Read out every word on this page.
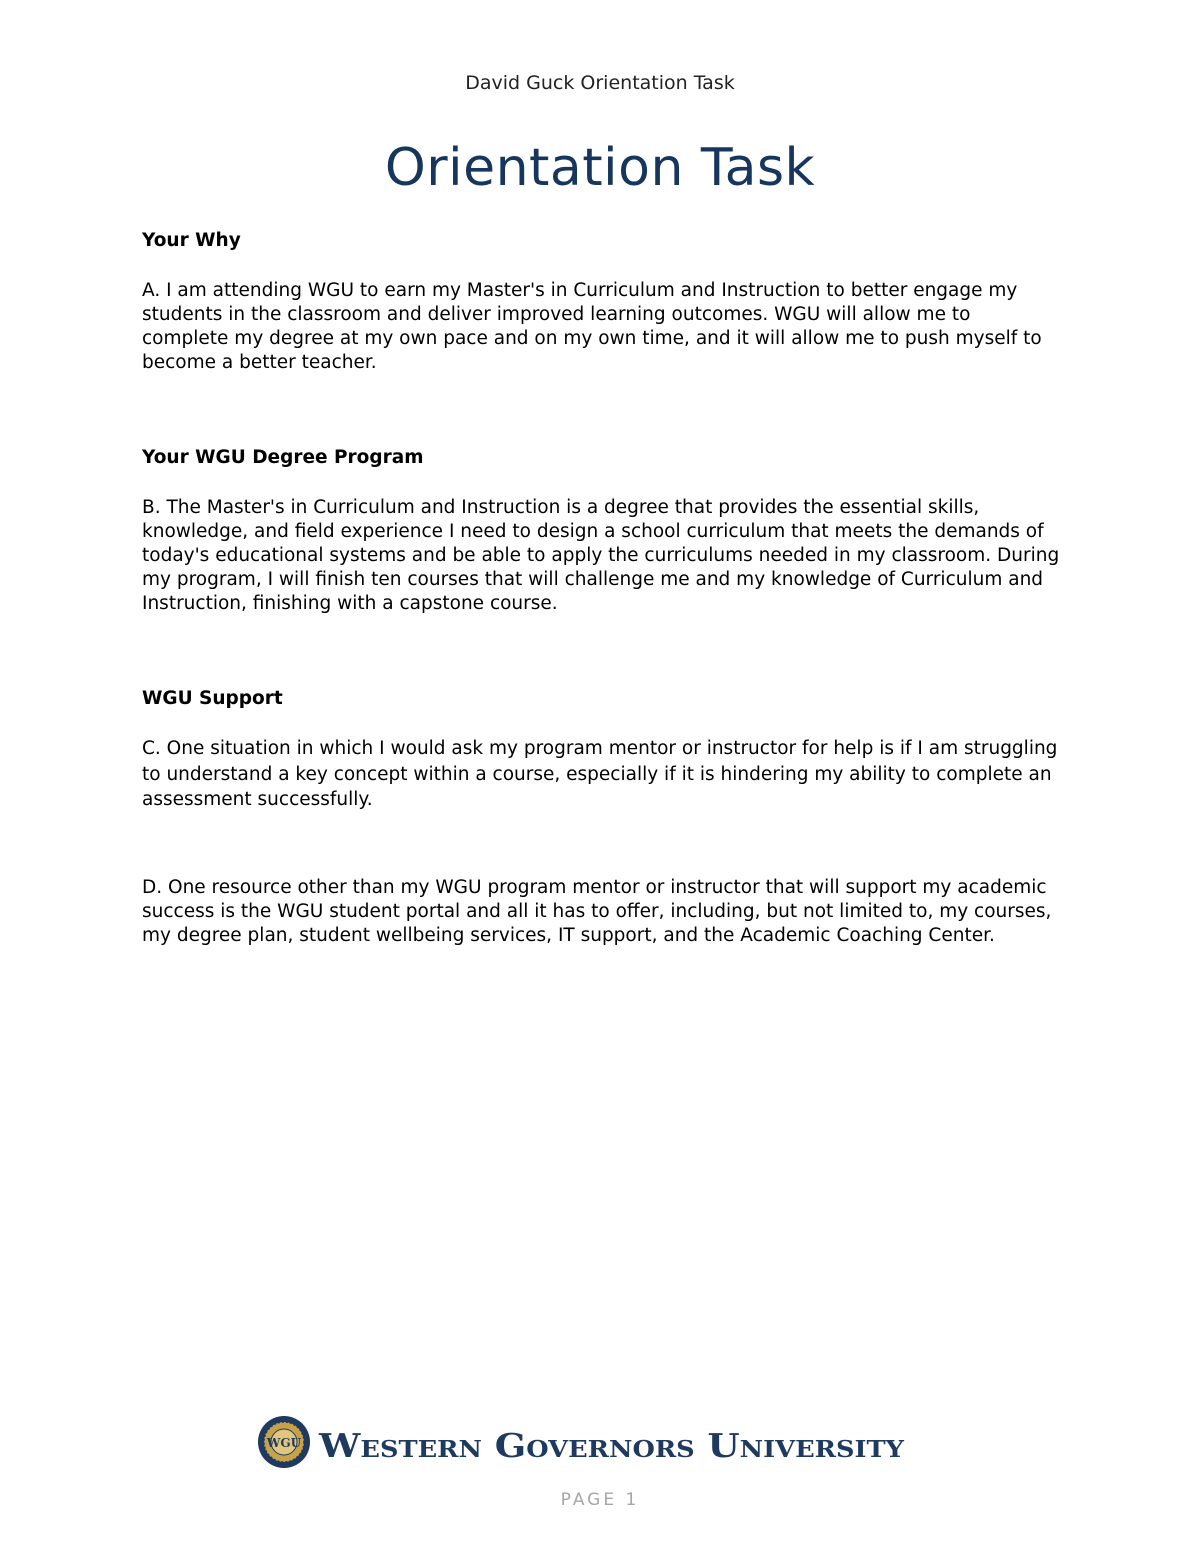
David Guck Orientation Task
Orientation Task

Your Why

A. I am attending WGU to earn my Master's in Curriculum and Instruction to better engage my students in the classroom and deliver improved learning outcomes. WGU will allow me to complete my degree at my own pace and on my own time, and it will allow me to push myself to become a better teacher.

Your WGU Degree Program

B. The Master's in Curriculum and Instruction is a degree that provides the essential skills, knowledge, and field experience I need to design a school curriculum that meets the demands of today's educational systems and be able to apply the curriculums needed in my classroom. During my program, I will finish ten courses that will challenge me and my knowledge of Curriculum and Instruction, finishing with a capstone course.

WGU Support

C. One situation in which I would ask my program mentor or instructor for help is if I am struggling to understand a key concept within a course, especially if it is hindering my ability to complete an assessment successfully.

D. One resource other than my WGU program mentor or instructor that will support my academic success is the WGU student portal and all it has to offer, including, but not limited to, my courses, my degree plan, student wellbeing services, IT support, and the Academic Coaching Center.

WGU Western Governors University
PAGE 1
